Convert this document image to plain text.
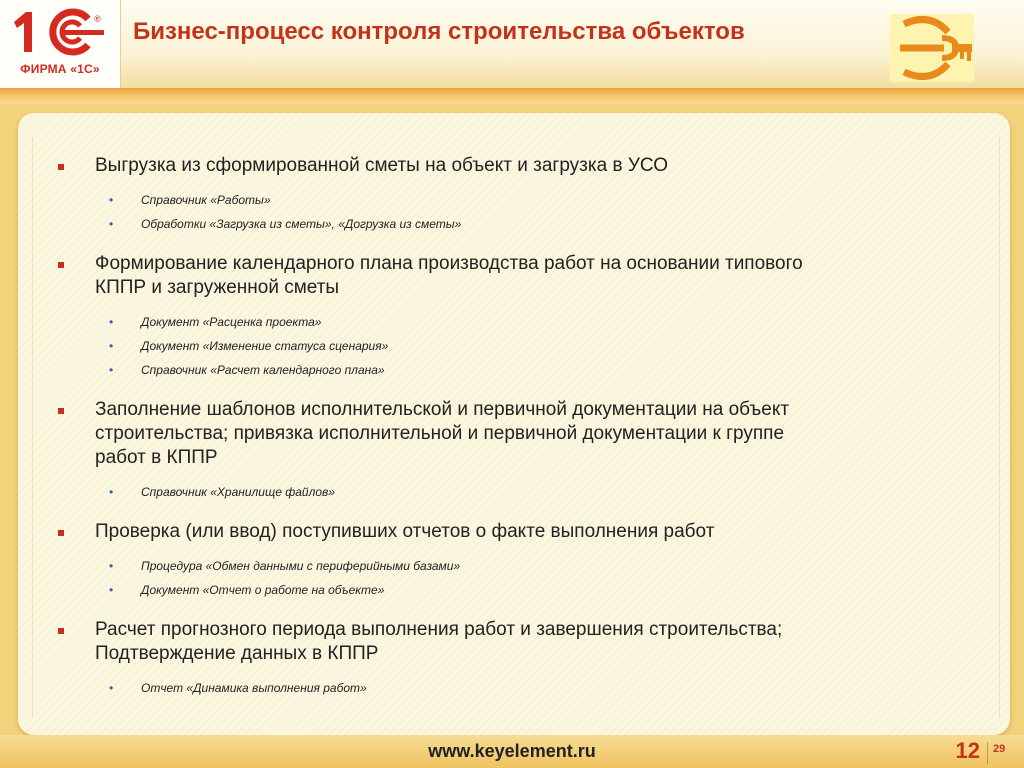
®
ФИРМА «1С»
Бизнес-процесс контроля строительства объектов
Выгрузка из сформированной сметы на объект и загрузка в УСО
• Справочник «Работы»
• Обработки «Загрузка из сметы», «Догрузка из сметы»
Формирование календарного плана производства работ на основании типового
КППР и загруженной сметы
• Документ «Расценка проекта»
• Документ «Изменение статуса сценария»
• Справочник «Расчет календарного плана»
Заполнение шаблонов исполнительской и первичной документации на объект
строительства; привязка исполнительной и первичной документации к группе
работ в КППР
• Справочник «Хранилище файлов»
Проверка (или ввод) поступивших отчетов о факте выполнения работ
• Процедура «Обмен данными с периферийными базами»
• Документ «Отчет о работе на объекте»
Расчет прогнозного периода выполнения работ и завершения строительства;
Подтверждение данных в КППР
• Отчет «Динамика выполнения работ»
www.keyelement.ru	12 29
